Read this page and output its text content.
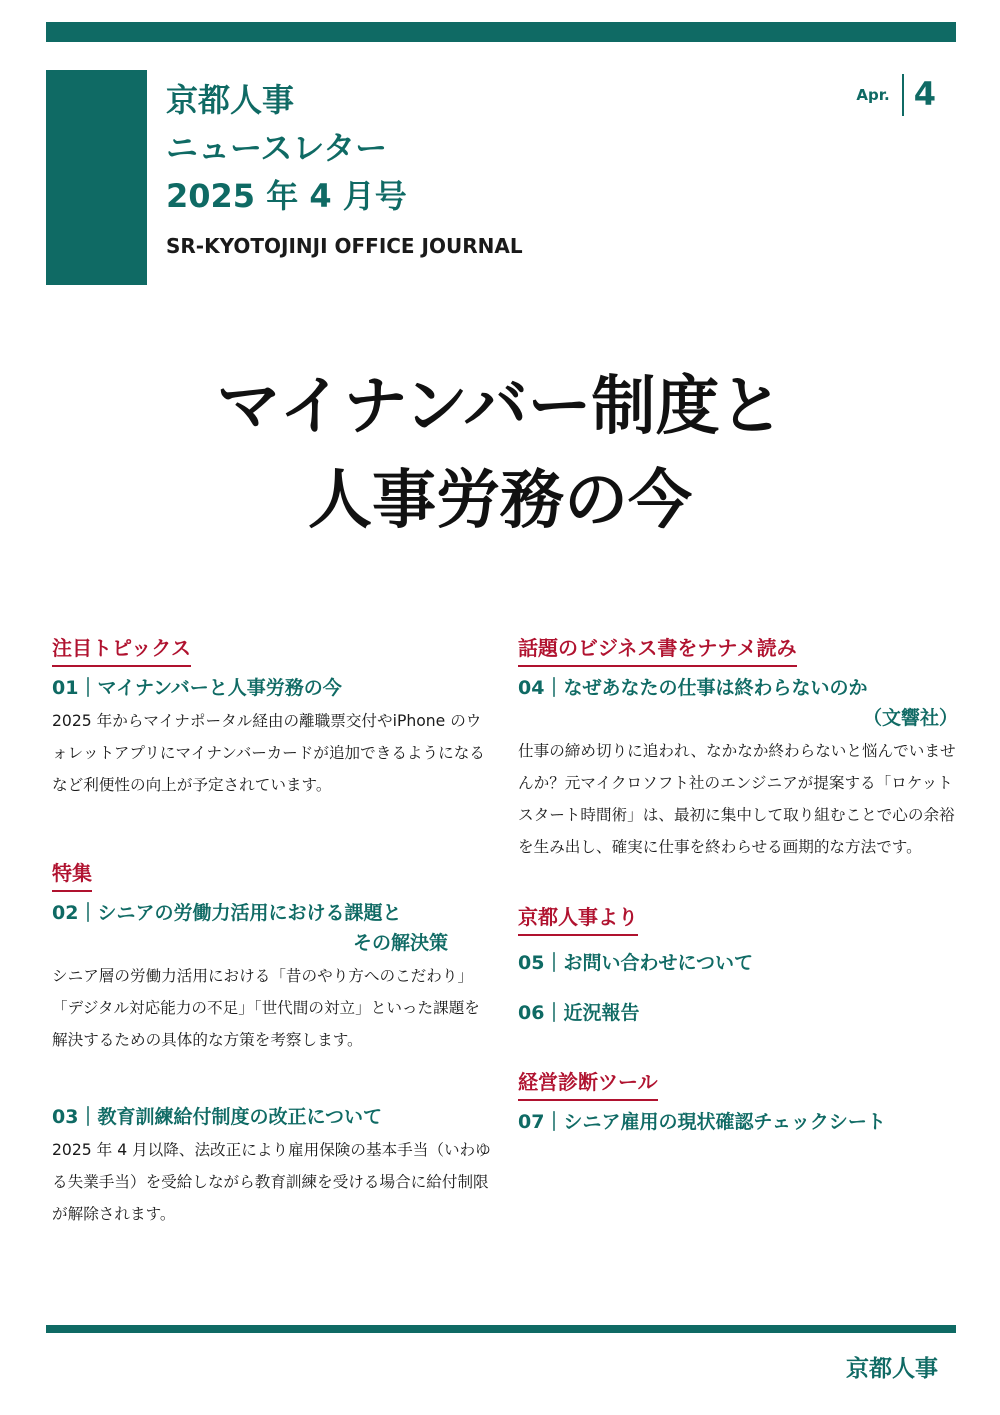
京都人事
ニュースレター
2025 年 4 月号
SR-KYOTOJINJI OFFICE JOURNAL
Apr. 4
マイナンバー制度と
人事労務の今
注目トピックス
01｜マイナンバーと人事労務の今
2025 年からマイナポータル経由の離職票交付やiPhone のウォレットアプリにマイナンバーカードが追加できるようになるなど利便性の向上が予定されています。
特集
02｜シニアの労働力活用における課題と
その解決策
シニア層の労働力活用における「昔のやり方へのこだわり」「デジタル対応能力の不足」「世代間の対立」といった課題を解決するための具体的な方策を考察します。
03｜教育訓練給付制度の改正について
2025 年 4 月以降、法改正により雇用保険の基本手当（いわゆる失業手当）を受給しながら教育訓練を受ける場合に給付制限が解除されます。
話題のビジネス書をナナメ読み
04｜なぜあなたの仕事は終わらないのか
（文響社）
仕事の締め切りに追われ、なかなか終わらないと悩んでいませんか？元マイクロソフト社のエンジニアが提案する「ロケットスタート時間術」は、最初に集中して取り組むことで心の余裕を生み出し、確実に仕事を終わらせる画期的な方法です。
京都人事より
05｜お問い合わせについて
06｜近況報告
経営診断ツール
07｜シニア雇用の現状確認チェックシート
京都人事
